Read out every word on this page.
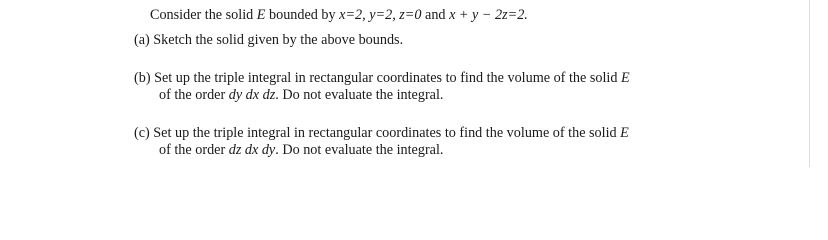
Consider the solid E bounded by x=2, y=2, z=0 and x + y − 2z=2.
(a) Sketch the solid given by the above bounds.
(b) Set up the triple integral in rectangular coordinates to find the volume of the solid E
of the order dy dx dz. Do not evaluate the integral.
(c) Set up the triple integral in rectangular coordinates to find the volume of the solid E
of the order dz dx dy. Do not evaluate the integral.
